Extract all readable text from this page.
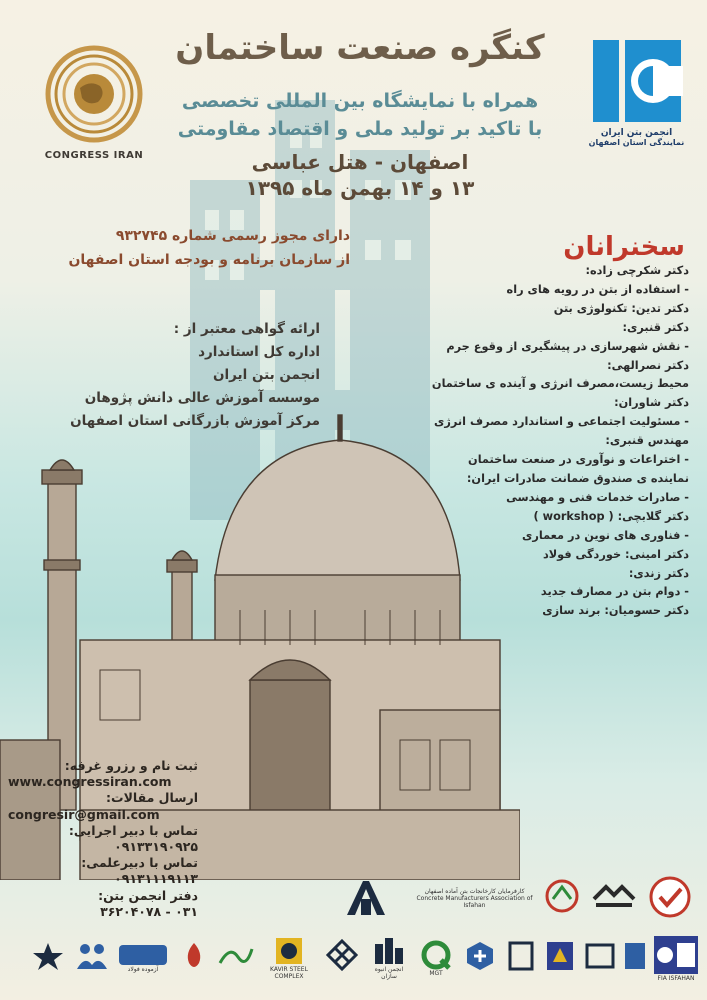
CONGRESS IRAN
انجمن بتن ایران
نمایندگی استان اصفهان
کنگره صنعت ساختمان
همراه با نمایشگاه بین المللی تخصصی
با تاکید بر تولید ملی و اقتصاد مقاومتی
اصفهان - هتل عباسی
۱۳ و ۱۴ بهمن ماه ۱۳۹۵
دارای مجوز رسمی شماره ۹۳۲۷۴۵
از سازمان برنامه و بودجه استان اصفهان
ارائه گواهی معتبر از :
اداره کل استاندارد
انجمن بتن ایران
موسسه آموزش عالی دانش پژوهان
مرکز آموزش بازرگانی استان اصفهان
سخنرانان
دکتر شکرچی زاده:
- استفاده از بتن در رویه های راه
دکتر تدین: تکنولوژی بتن
دکتر قنبری:
- نقش شهرسازی در پیشگیری از وقوع جرم
دکتر نصرالهی:
محیط زیست،مصرف انرژی و آینده ی ساختمان
دکتر شاوران:
- مسئولیت اجتماعی و استاندارد مصرف انرژی
مهندس قنبری:
- اختراعات و نوآوری در صنعت ساختمان
نماینده ی صندوق ضمانت صادرات ایران:
- صادرات خدمات فنی و مهندسی
دکتر گلابچی: ( workshop )
- فناوری های نوین در معماری
دکتر امینی: خوردگی فولاد
دکتر زندی:
- دوام بتن در مصارف جدید
دکتر حسومیان: برند سازی
ثبت نام و رزرو غرفه:
www.congressiran.com
ارسال مقالات:
congresir@gmail.com
تماس با دبیر اجرایی:
۰۹۱۳۳۱۹۰۹۲۵
تماس با دبیرعلمی:
۰۹۱۳۱۱۱۹۱۱۳
دفتر انجمن بتن:
۰۳۱ - ۳۶۲۰۴۰۷۸
کارفرمایان کارخانجات بتن آماده اصفهان
Concrete Manufacturers Association of Isfahan
آزموده فولاد	KAVIR STEEL COMPLEX
انجمن انبوه سازان	MGT
FIA ISFAHAN
